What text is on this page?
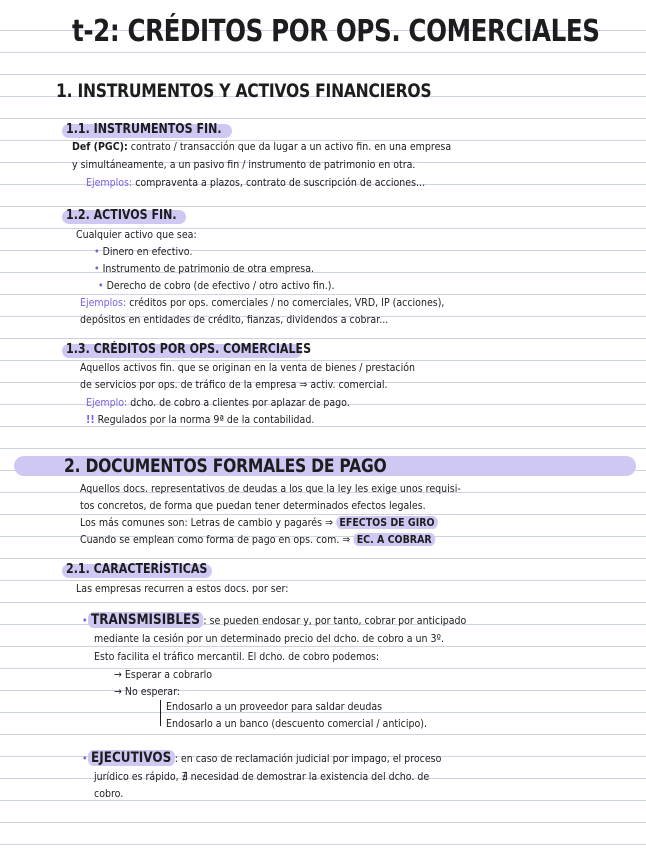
t-2: CRÉDITOS POR OPS. COMERCIALES
1. INSTRUMENTOS Y ACTIVOS FINANCIEROS
1.1. INSTRUMENTOS FIN.
Def (PGC): contrato / transacción que da lugar a un activo fin. en una empresa
y simultáneamente, a un pasivo fin / instrumento de patrimonio en otra.
Ejemplos: compraventa a plazos, contrato de suscripción de acciones...
1.2. ACTIVOS FIN.
Cualquier activo que sea:
• Dinero en efectivo.
• Instrumento de patrimonio de otra empresa.
• Derecho de cobro (de efectivo / otro activo fin.).
Ejemplos: créditos por ops. comerciales / no comerciales, VRD, IP (acciones),
depósitos en entidades de crédito, fianzas, dividendos a cobrar...
1.3. CRÉDITOS POR OPS. COMERCIALES
Aquellos activos fin. que se originan en la venta de bienes / prestación
de servicios por ops. de tráfico de la empresa ⇒ activ. comercial.
Ejemplo: dcho. de cobro a clientes por aplazar de pago.
!! Regulados por la norma 9ª de la contabilidad.
2. DOCUMENTOS FORMALES DE PAGO
Aquellos docs. representativos de deudas a los que la ley les exige unos requisi-
tos concretos, de forma que puedan tener determinados efectos legales.
Los más comunes son: Letras de cambio y pagarés ⇒ EFECTOS DE GIRO
Cuando se emplean como forma de pago en ops. com. ⇒ EC. A COBRAR
2.1. CARACTERÍSTICAS
Las empresas recurren a estos docs. por ser:
• TRANSMISIBLES : se pueden endosar y, por tanto, cobrar por anticipado
mediante la cesión por un determinado precio del dcho. de cobro a un 3º.
Esto facilita el tráfico mercantil. El dcho. de cobro podemos:
→ Esperar a cobrarlo
→ No esperar:
Endosarlo a un proveedor para saldar deudas
Endosarlo a un banco (descuento comercial / anticipo).
• EJECUTIVOS : en caso de reclamación judicial por impago, el proceso
jurídico es rápido, ∄ necesidad de demostrar la existencia del dcho. de
cobro.
